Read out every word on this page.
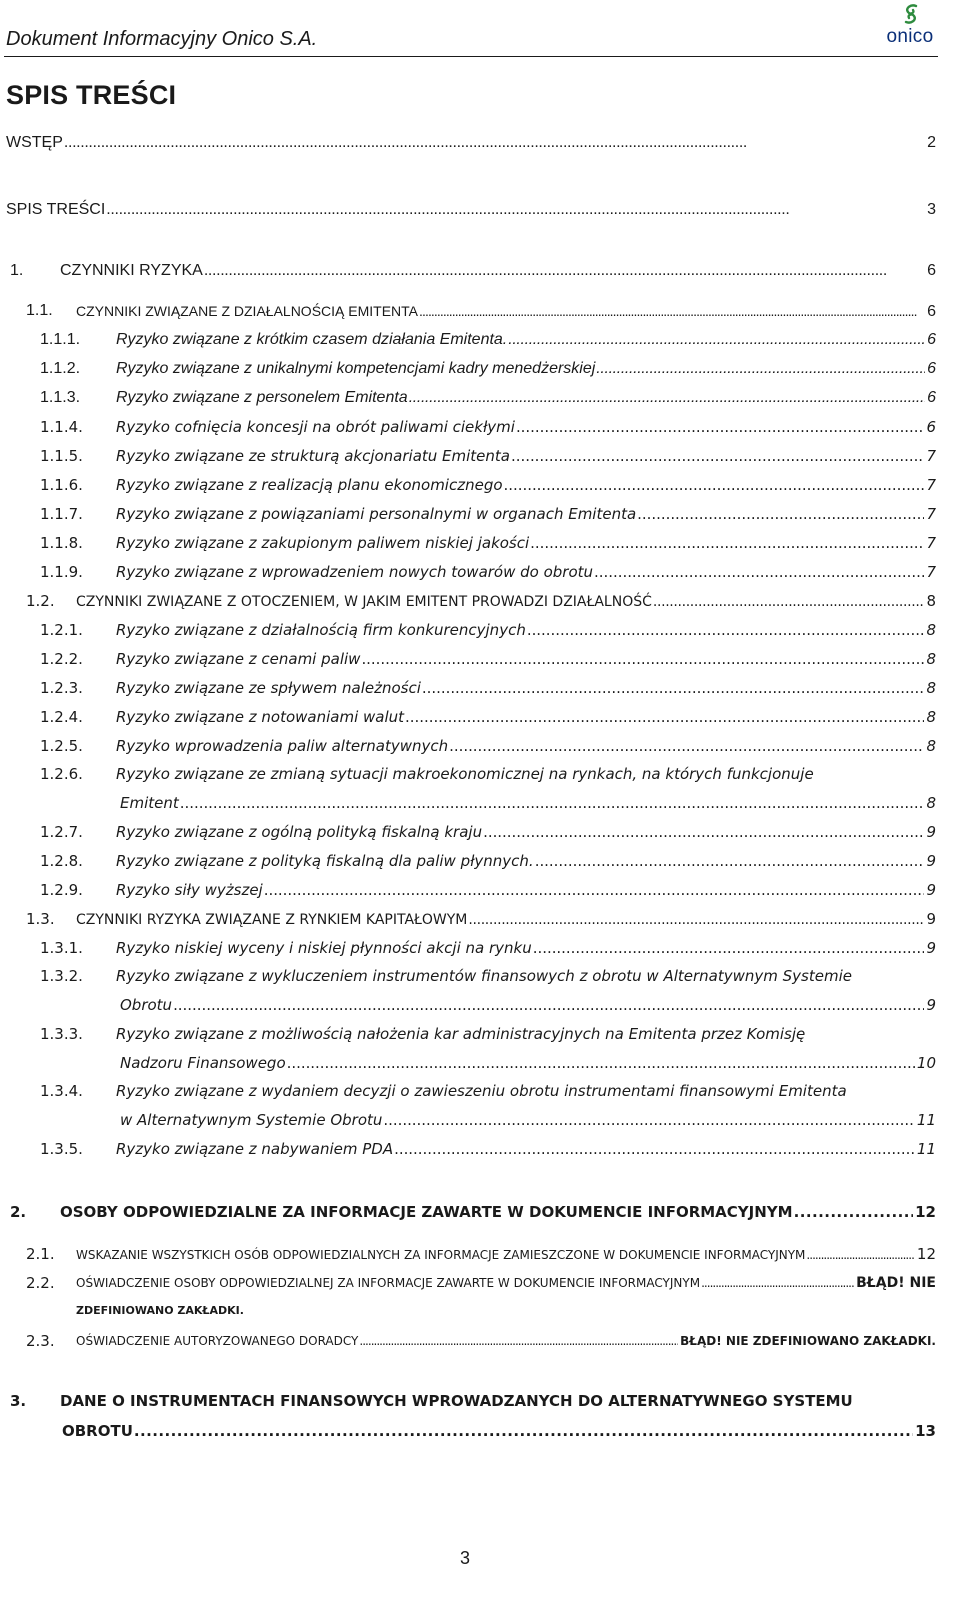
Dokument Informacyjny Onico S.A.	onico
SPIS TREŚCI
WSTĘP . . .	2
SPIS TREŚCI . . .	3
1. CZYNNIKI RYZYKA . . .	6
1.1. CZYNNIKI ZWIĄZANE Z DZIAŁALNOŚCIĄ EMITENTA . . .	6
1.1.1. Ryzyko związane z krótkim czasem działania Emitenta. . . .	6
1.1.2. Ryzyko związane z unikalnymi kompetencjami kadry menedżerskiej . . .	6
1.1.3. Ryzyko związane z personelem Emitenta . . .	6
1.1.4. Ryzyko cofnięcia koncesji na obrót paliwami ciekłymi . . .	6
1.1.5. Ryzyko związane ze strukturą akcjonariatu Emitenta . . .	7
1.1.6. Ryzyko związane z realizacją planu ekonomicznego . . .	7
1.1.7. Ryzyko związane z powiązaniami personalnymi w organach Emitenta . . .	7
1.1.8. Ryzyko związane z zakupionym paliwem niskiej jakości . . .	7
1.1.9. Ryzyko związane z wprowadzeniem nowych towarów do obrotu . . .	7
1.2. CZYNNIKI ZWIĄZANE Z OTOCZENIEM, W JAKIM EMITENT PROWADZI DZIAŁALNOŚĆ . . .	8
1.2.1. Ryzyko związane z działalnością firm konkurencyjnych . . .	8
1.2.2. Ryzyko związane z cenami paliw . . .	8
1.2.3. Ryzyko związane ze spływem należności . . .	8
1.2.4. Ryzyko związane z notowaniami walut . . .	8
1.2.5. Ryzyko wprowadzenia paliw alternatywnych . . .	8
1.2.6. Ryzyko związane ze zmianą sytuacji makroekonomicznej na rynkach, na których funkcjonuje
Emitent . . .	8
1.2.7. Ryzyko związane z ogólną polityką fiskalną kraju . . .	9
1.2.8. Ryzyko związane z polityką fiskalną dla paliw płynnych. . . .	9
1.2.9. Ryzyko siły wyższej . . .	9
1.3. CZYNNIKI RYZYKA ZWIĄZANE Z RYNKIEM KAPITAŁOWYM . . .	9
1.3.1. Ryzyko niskiej wyceny i niskiej płynności akcji na rynku . . .	9
1.3.2. Ryzyko związane z wykluczeniem instrumentów finansowych z obrotu w Alternatywnym Systemie
Obrotu . . .	9
1.3.3. Ryzyko związane z możliwością nałożenia kar administracyjnych na Emitenta przez Komisję
Nadzoru Finansowego . . .	10
1.3.4. Ryzyko związane z wydaniem decyzji o zawieszeniu obrotu instrumentami finansowymi Emitenta
w Alternatywnym Systemie Obrotu . . .	11
1.3.5. Ryzyko związane z nabywaniem PDA . . .	11
2. OSOBY ODPOWIEDZIALNE ZA INFORMACJE ZAWARTE W DOKUMENCIE INFORMACYJNYM . . .	12
2.1. WSKAZANIE WSZYSTKICH OSÓB ODPOWIEDZIALNYCH ZA INFORMACJE ZAMIESZCZONE W DOKUMENCIE INFORMACYJNYM . . .	12
2.2. OŚWIADCZENIE OSOBY ODPOWIEDZIALNEJ ZA INFORMACJE ZAWARTE W DOKUMENCIE INFORMACYJNYM . . .	BŁĄD! NIE
ZDEFINIOWANO ZAKŁADKI.
2.3. OŚWIADCZENIE AUTORYZOWANEGO DORADCY . . .	BŁĄD! NIE ZDEFINIOWANO ZAKŁADKI.
3. DANE O INSTRUMENTACH FINANSOWYCH WPROWADZANYCH DO ALTERNATYWNEGO SYSTEMU
OBROTU . . .	13
3
